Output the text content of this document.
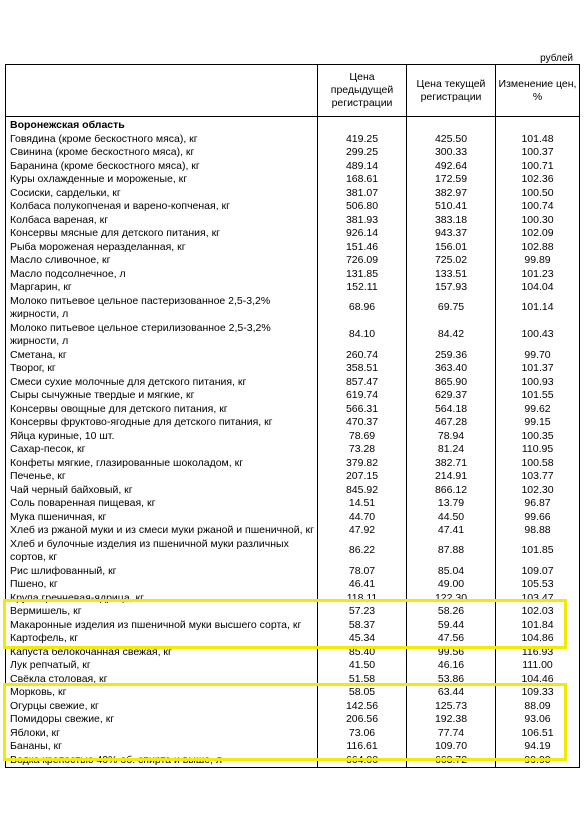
рублей
	Цена предыдущей регистрации	Цена текущей регистрации	Изменение цен, %
Воронежская область			
Говядина (кроме бескостного мяса), кг	419.25	425.50	101.48
Свинина (кроме бескостного мяса), кг	299.25	300.33	100.37
Баранина (кроме бескостного мяса), кг	489.14	492.64	100.71
Куры охлажденные и мороженые, кг	168.61	172.59	102.36
Сосиски, сардельки, кг	381.07	382.97	100.50
Колбаса полукопченая и варено-копченая, кг	506.80	510.41	100.74
Колбаса вареная, кг	381.93	383.18	100.30
Консервы мясные для детского питания, кг	926.14	943.37	102.09
Рыба мороженая неразделанная, кг	151.46	156.01	102.88
Масло сливочное, кг	726.09	725.02	99.89
Масло подсолнечное, л	131.85	133.51	101.23
Маргарин, кг	152.11	157.93	104.04
Молоко питьевое цельное пастеризованное 2,5-3,2% жирности, л	68.96	69.75	101.14
Молоко питьевое цельное стерилизованное 2,5-3,2% жирности, л	84.10	84.42	100.43
Сметана, кг	260.74	259.36	99.70
Творог, кг	358.51	363.40	101.37
Смеси сухие молочные для детского питания, кг	857.47	865.90	100.93
Сыры сычужные твердые и мягкие, кг	619.74	629.37	101.55
Консервы овощные для детского питания, кг	566.31	564.18	99.62
Консервы фруктово-ягодные для детского питания, кг	470.37	467.28	99.15
Яйца куриные, 10 шт.	78.69	78.94	100.35
Сахар-песок, кг	73.28	81.24	110.95
Конфеты мягкие, глазированные шоколадом, кг	379.82	382.71	100.58
Печенье, кг	207.15	214.91	103.77
Чай черный байховый, кг	845.92	866.12	102.30
Соль поваренная пищевая, кг	14.51	13.79	96.87
Мука пшеничная, кг	44.70	44.50	99.66
Хлеб из ржаной муки и из смеси муки ржаной и пшеничной, кг	47.92	47.41	98.88
Хлеб и булочные изделия из пшеничной муки различных сортов, кг	86.22	87.88	101.85
Рис шлифованный, кг	78.07	85.04	109.07
Пшено, кг	46.41	49.00	105.53
Крупа гречневая-ядрица, кг	118.11	122.30	103.47
Вермишель, кг	57.23	58.26	102.03
Макаронные изделия из пшеничной муки высшего сорта, кг	58.37	59.44	101.84
Картофель, кг	45.34	47.56	104.86
Капуста белокочанная свежая, кг	85.40	99.56	116.93
Лук репчатый, кг	41.50	46.16	111.00
Свёкла столовая, кг	51.58	53.86	104.46
Морковь, кг	58.05	63.44	109.33
Огурцы свежие, кг	142.56	125.73	88.09
Помидоры свежие, кг	206.56	192.38	93.06
Яблоки, кг	73.06	77.74	106.51
Бананы, кг	116.61	109.70	94.19
Водка крепостью 40% об. спирта и выше, л	664.00	663.72	99.90
